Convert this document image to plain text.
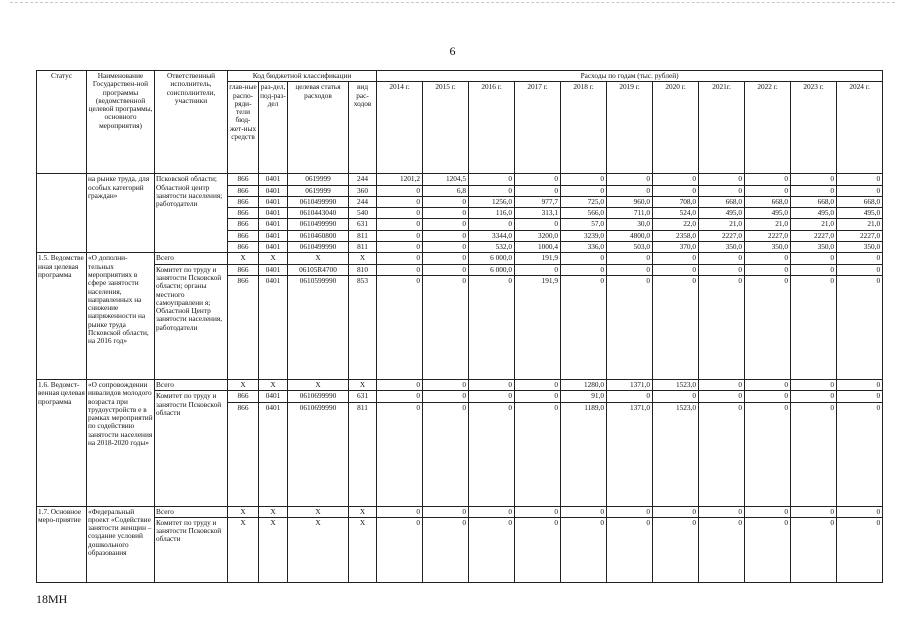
6
Статус	Наименование Государствен-ной программы (ведомственной целевой программы, основного мероприятия)	Ответственный исполнитель, соисполнители, участники	Код бюджетной классификации				Расходы по годам (тыс. рублей)										
			глав-ные распо-ряди-тели бюд-жет-ных средств	раз-дел, под-раз-дел	целевая статья расходов	вид рас-ходов	2014 г.	2015 г.	2016 г.	2017 г.	2018 г.	2019 г.	2020 г.	2021г.	2022 г.	2023 г.	2024 г.
	на рынке труда, для особых категорий граждан»	Псковской области; Областной центр занятости населения; работодатели	866	0401	0619999	244	1201,2	1204,5	0	0	0	0	0	0	0	0	0
			866	0401	0619999	360	0	6,8	0	0	0	0	0	0	0	0	0
			866	0401	0610499990	244	0	0	1256,0	977,7	725,0	960,0	708,0	668,0	668,0	668,0	668,0
			866	0401	0610443040	540	0	0	116,0	313,1	566,0	711,0	524,0	495,0	495,0	495,0	495,0
			866	0401	0610499990	631	0	0	0	0	57,0	30,0	22,0	21,0	21,0	21,0	21,0
			866	0401	0610460800	811	0	0	3344,0	3200,0	3239,0	4800,0	2358,0	2227,0	2227,0	2227,0	2227,0
			866	0401	0610499990	811	0	0	532,0	1000,4	336,0	503,0	370,0	350,0	350,0	350,0	350,0
1.5. Ведомстве нная целевая программа	«О дополни-тельных мероприятиях в сфере занятости населения, направленных на снижение напряженности на рынке труда Псковской области, на 2016 год»	Всего	X	X	X	X	0	0	6 000,0	191,9	0	0	0	0	0	0	0
		Комитет по труду и занятости Псковской области; органы местного самоуправлени я; Областной Центр занятости населения, работодатели	866	0401	06105R4700	810	0	0	6 000,0	0	0	0	0	0	0	0	0
			866	0401	0610599990	853	0	0	0	191,9	0	0	0	0	0	0	0
1.6. Ведомст-венная целевая программа	«О сопровождении инвалидов молодого возраста при трудоустройств е в рамках мероприятий по содействию занятости населения на 2018-2020 годы»	Всего	X	X	X	X	0	0	0	0	1280,0	1371,0	1523,0	0	0	0	0
		Комитет по труду и занятости Псковской области	866	0401	0610699990	631	0	0	0	0	91,0	0	0	0	0	0	0
			866	0401	0610699990	811	0	0	0	0	1189,0	1371,0	1523,0	0	0	0	0
1.7. Основное меро-приятие	«Федеральный проект «Содействие занятости женщин – создание условий дошкольного образования	Всего	X	X	X	X	0	0	0	0	0	0	0	0	0	0	0
		Комитет по труду и занятости Псковской области	X	X	X	X	0	0	0	0	0	0	0	0	0	0	0
18МН
